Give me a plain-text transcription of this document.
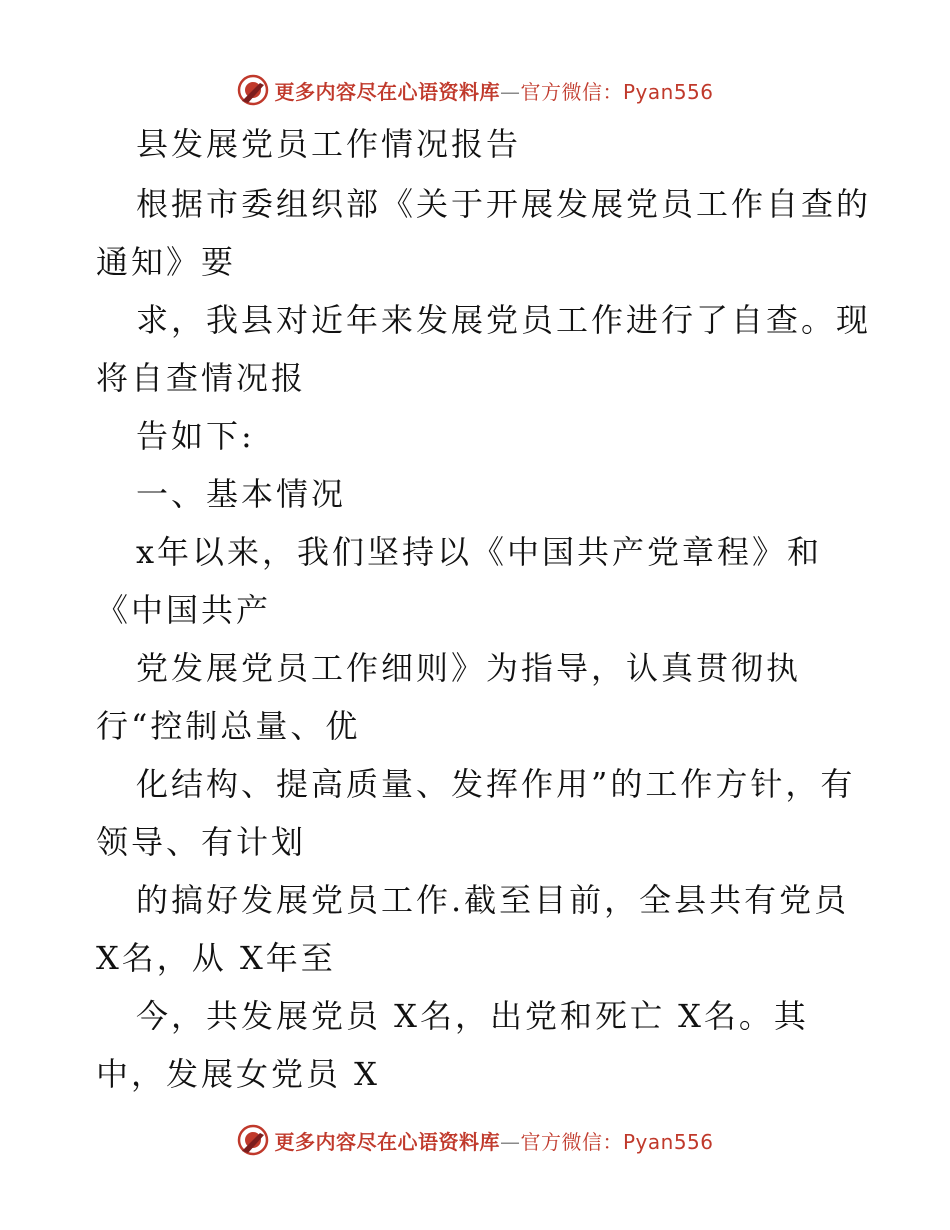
更多内容尽在心语资料库—官方微信：Pyan556
县发展党员工作情况报告
根据市委组织部《关于开展发展党员工作自查的
通知》要
求，我县对近年来发展党员工作进行了自查。现
将自查情况报
告如下:
一、基本情况
x年以来，我们坚持以《中国共产党章程》和
《中国共产
党发展党员工作细则》为指导，认真贯彻执
行“控制总量、优
化结构、提高质量、发挥作用”的工作方针，有
领导、有计划
的搞好发展党员工作.截至目前，全县共有党员
X名，从 X年至
今，共发展党员 X名，出党和死亡 X名。其
中，发展女党员 X
更多内容尽在心语资料库—官方微信：Pyan556
